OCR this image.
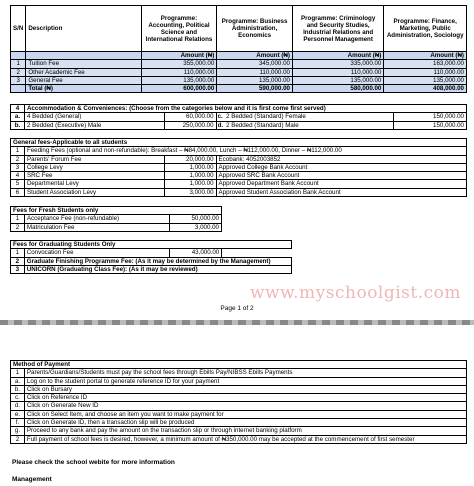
S/N	Description	Programme: Accounting, Political Science and International Relations	Programme: Business Administration, Economics	Programme: Criminology and Security Studies, Industrial Relations and Personnel Management	Programme: Finance, Marketing, Public Administration, Sociology
		Amount (₦)	Amount (₦)	Amount (₦)	Amount (₦)
1	Tuition Fee	355,000.00	345,000.00	335,000.00	163,000.00
2	Other Academic Fee	110,000.00	110,000.00	110,000.00	110,000.00
3	General Fee	135,000.00	135,000.00	135,000.00	135,000.00
	Total (₦)	600,000.00	590,000.00	580,000.00	408,000.00
4	Accommodation & Conveniences: (Choose from the categories below and it is first come first served)				
a.	4 Bedded (General)	60,000.00	c.	2 Bedded (Standard) Female	150,000.00
b.	2 Bedded (Executive) Male	250,000.00	d.	2 Bedded (Standard) Male	150,000.00
General fees-Applicable to all students			
1	Feeding Fees (optional and non-refundable): Breakfast – ₦84,000.00, Lunch – ₦112,000.00, Dinner – ₦112,000.00		
2	Parents' Forum Fee	20,000.00	Ecobank: 4052003852
3	College Levy	1,000.00	Approved College Bank Account
4	SRC Fee	1,000.00	Approved SRC Bank Account
5	Departmental Levy	1,000.00	Approved Department Bank Account
6	Student Association Levy	3,000.00	Approved Student Association Bank Account
Fees for Fresh Students only		
1	Acceptance Fee (non-refundable)	50,000.00
2	Matriculation Fee	3,000.00
Fees for Graduating Students Only			
1	Convocation Fee	43,000.00	
2	Graduate Finishing Programme Fee: (As it may be determined by the Management)		
3	UNICORN (Graduating Class Fee): (As it may be reviewed)		
www.myschoolgist.com
Page 1 of 2
Method of Payment	
1	Parents/Guardians/Students must pay the school fees through Ebills Pay/NIBSS Ebills Payments
a.	Log on to the student portal to generate reference ID for your payment
b.	Click on Bursary
c.	Click on Reference ID
d.	Click on Generate New ID
e.	Click on Select Item, and choose an item you want to make payment for
f.	Click on Generate ID, then a transaction slip will be produced
g.	Proceed to any bank and pay the amount on the transaction slip or through internet banking platform
2	Full payment of school fees is desired, however, a minimum amount of ₦350,000.00 may be accepted at the commencement of first semester
Please check the school webite for more information
Management
